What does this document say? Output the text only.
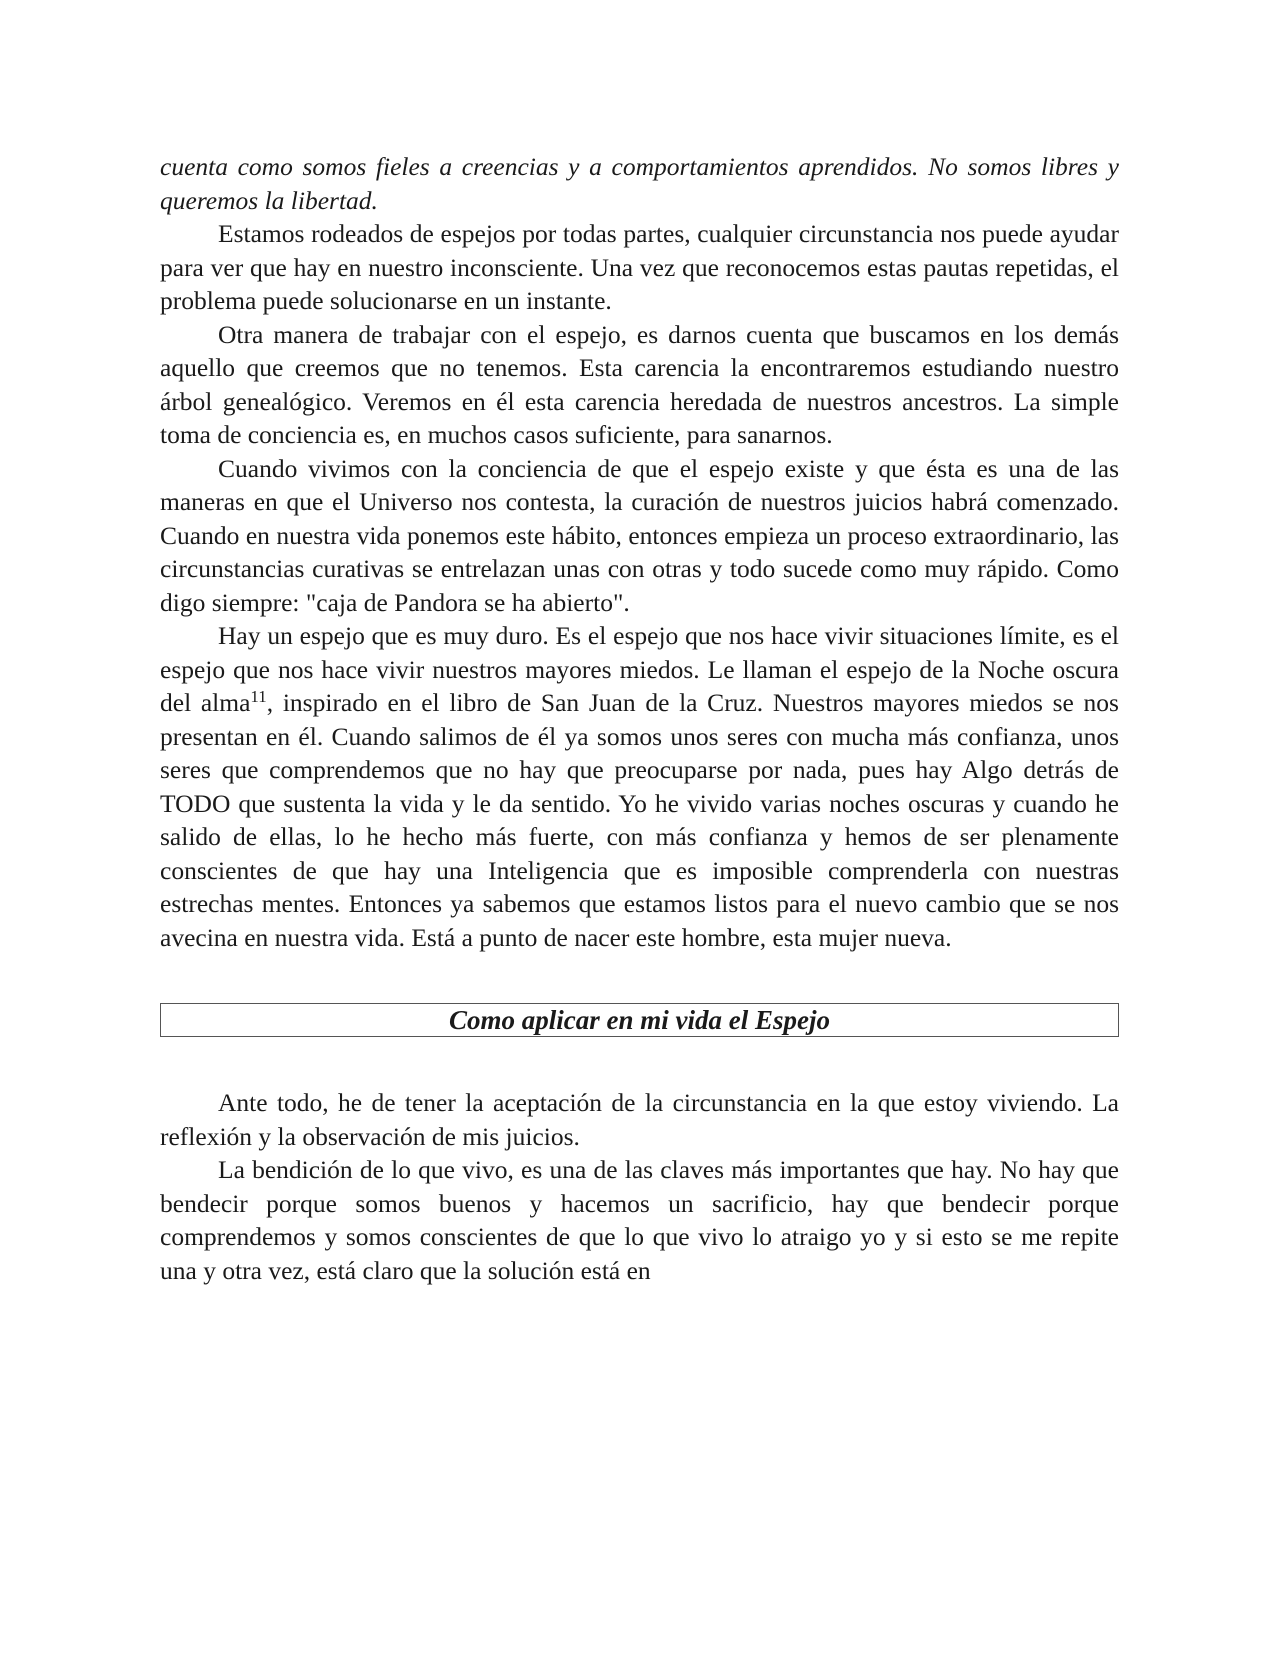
cuenta como somos fieles a creencias y a comportamientos aprendidos. No somos libres y queremos la libertad.

Estamos rodeados de espejos por todas partes, cualquier circunstancia nos puede ayudar para ver que hay en nuestro inconsciente. Una vez que reconocemos estas pautas repetidas, el problema puede solucionarse en un instante.

Otra manera de trabajar con el espejo, es darnos cuenta que buscamos en los demás aquello que creemos que no tenemos. Esta carencia la encontraremos estudiando nuestro árbol genealógico. Veremos en él esta carencia heredada de nuestros ancestros. La simple toma de conciencia es, en muchos casos suficiente, para sanarnos.

Cuando vivimos con la conciencia de que el espejo existe y que ésta es una de las maneras en que el Universo nos contesta, la curación de nuestros juicios habrá comenzado. Cuando en nuestra vida ponemos este hábito, entonces empieza un proceso extraordinario, las circunstancias curativas se entrelazan unas con otras y todo sucede como muy rápido. Como digo siempre: "caja de Pandora se ha abierto".

Hay un espejo que es muy duro. Es el espejo que nos hace vivir situaciones límite, es el espejo que nos hace vivir nuestros mayores miedos. Le llaman el espejo de la Noche oscura del alma$^{11}$, inspirado en el libro de San Juan de la Cruz. Nuestros mayores miedos se nos presentan en él. Cuando salimos de él ya somos unos seres con mucha más confianza, unos seres que comprendemos que no hay que preocuparse por nada, pues hay Algo detrás de TODO que sustenta la vida y le da sentido. Yo he vivido varias noches oscuras y cuando he salido de ellas, lo he hecho más fuerte, con más confianza y hemos de ser plenamente conscientes de que hay una Inteligencia que es imposible comprenderla con nuestras estrechas mentes. Entonces ya sabemos que estamos listos para el nuevo cambio que se nos avecina en nuestra vida. Está a punto de nacer este hombre, esta mujer nueva.

Como aplicar en mi vida el Espejo

Ante todo, he de tener la aceptación de la circunstancia en la que estoy viviendo. La reflexión y la observación de mis juicios.

La bendición de lo que vivo, es una de las claves más importantes que hay. No hay que bendecir porque somos buenos y hacemos un sacrificio, hay que bendecir porque comprendemos y somos conscientes de que lo que vivo lo atraigo yo y si esto se me repite una y otra vez, está claro que la solución está en
